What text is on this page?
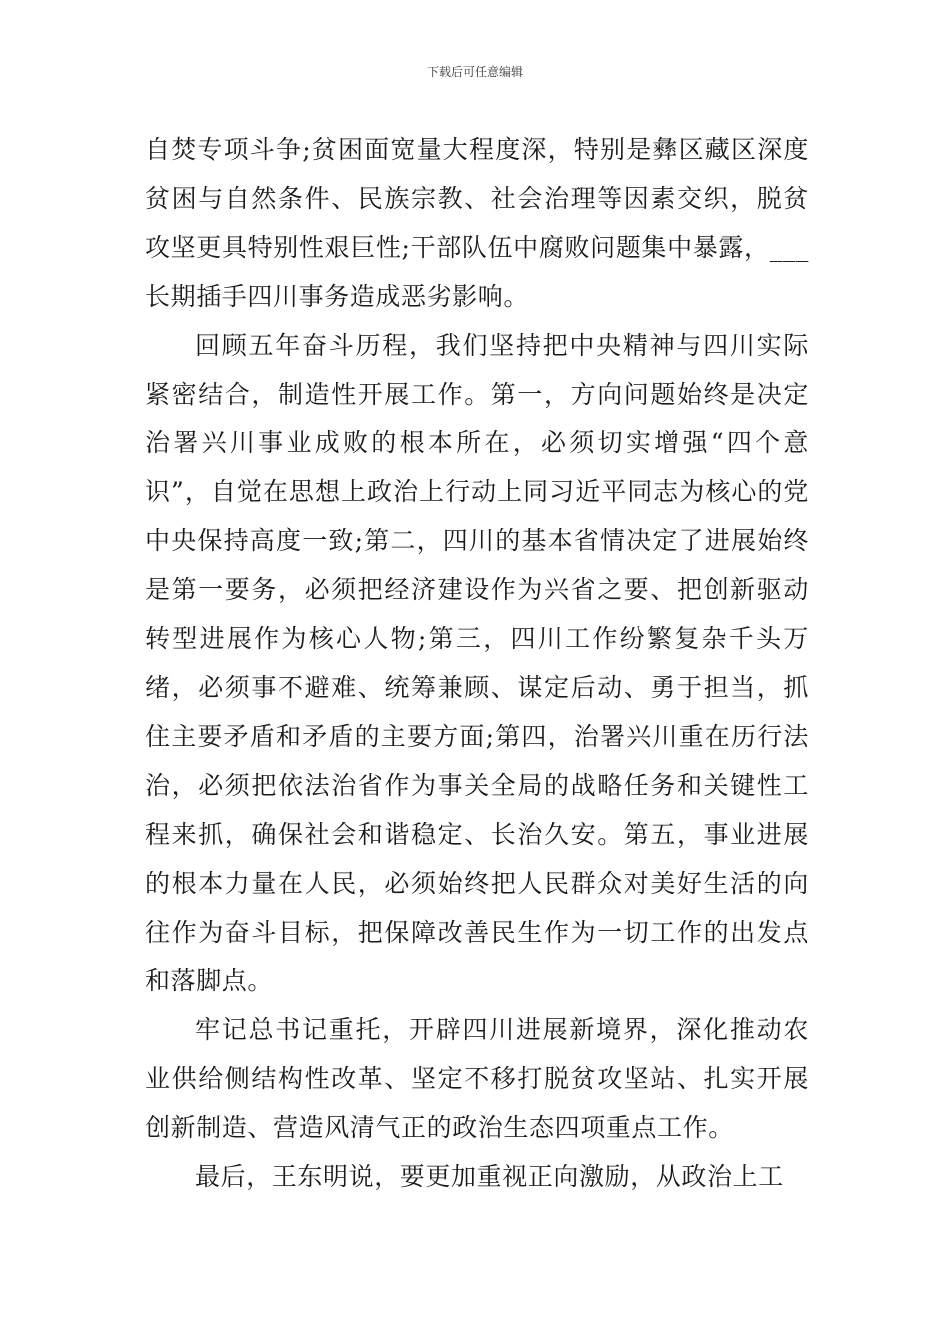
下载后可任意编辑

自焚专项斗争;贫困面宽量大程度深，特别是彝区藏区深度贫困与自然条件、民族宗教、社会治理等因素交织，脱贫攻坚更具特别性艰巨性;干部队伍中腐败问题集中暴露，___长期插手四川事务造成恶劣影响。

回顾五年奋斗历程，我们坚持把中央精神与四川实际紧密结合，制造性开展工作。第一，方向问题始终是决定治署兴川事业成败的根本所在，必须切实增强“四个意识”，自觉在思想上政治上行动上同习近平同志为核心的党中央保持高度一致;第二，四川的基本省情决定了进展始终是第一要务，必须把经济建设作为兴省之要、把创新驱动转型进展作为核心人物;第三，四川工作纷繁复杂千头万绪，必须事不避难、统筹兼顾、谋定后动、勇于担当，抓住主要矛盾和矛盾的主要方面;第四，治署兴川重在历行法治，必须把依法治省作为事关全局的战略任务和关键性工程来抓，确保社会和谐稳定、长治久安。第五，事业进展的根本力量在人民，必须始终把人民群众对美好生活的向往作为奋斗目标，把保障改善民生作为一切工作的出发点和落脚点。

牢记总书记重托，开辟四川进展新境界，深化推动农业供给侧结构性改革、坚定不移打脱贫攻坚站、扎实开展创新制造、营造风清气正的政治生态四项重点工作。

最后，王东明说，要更加重视正向激励，从政治上工
